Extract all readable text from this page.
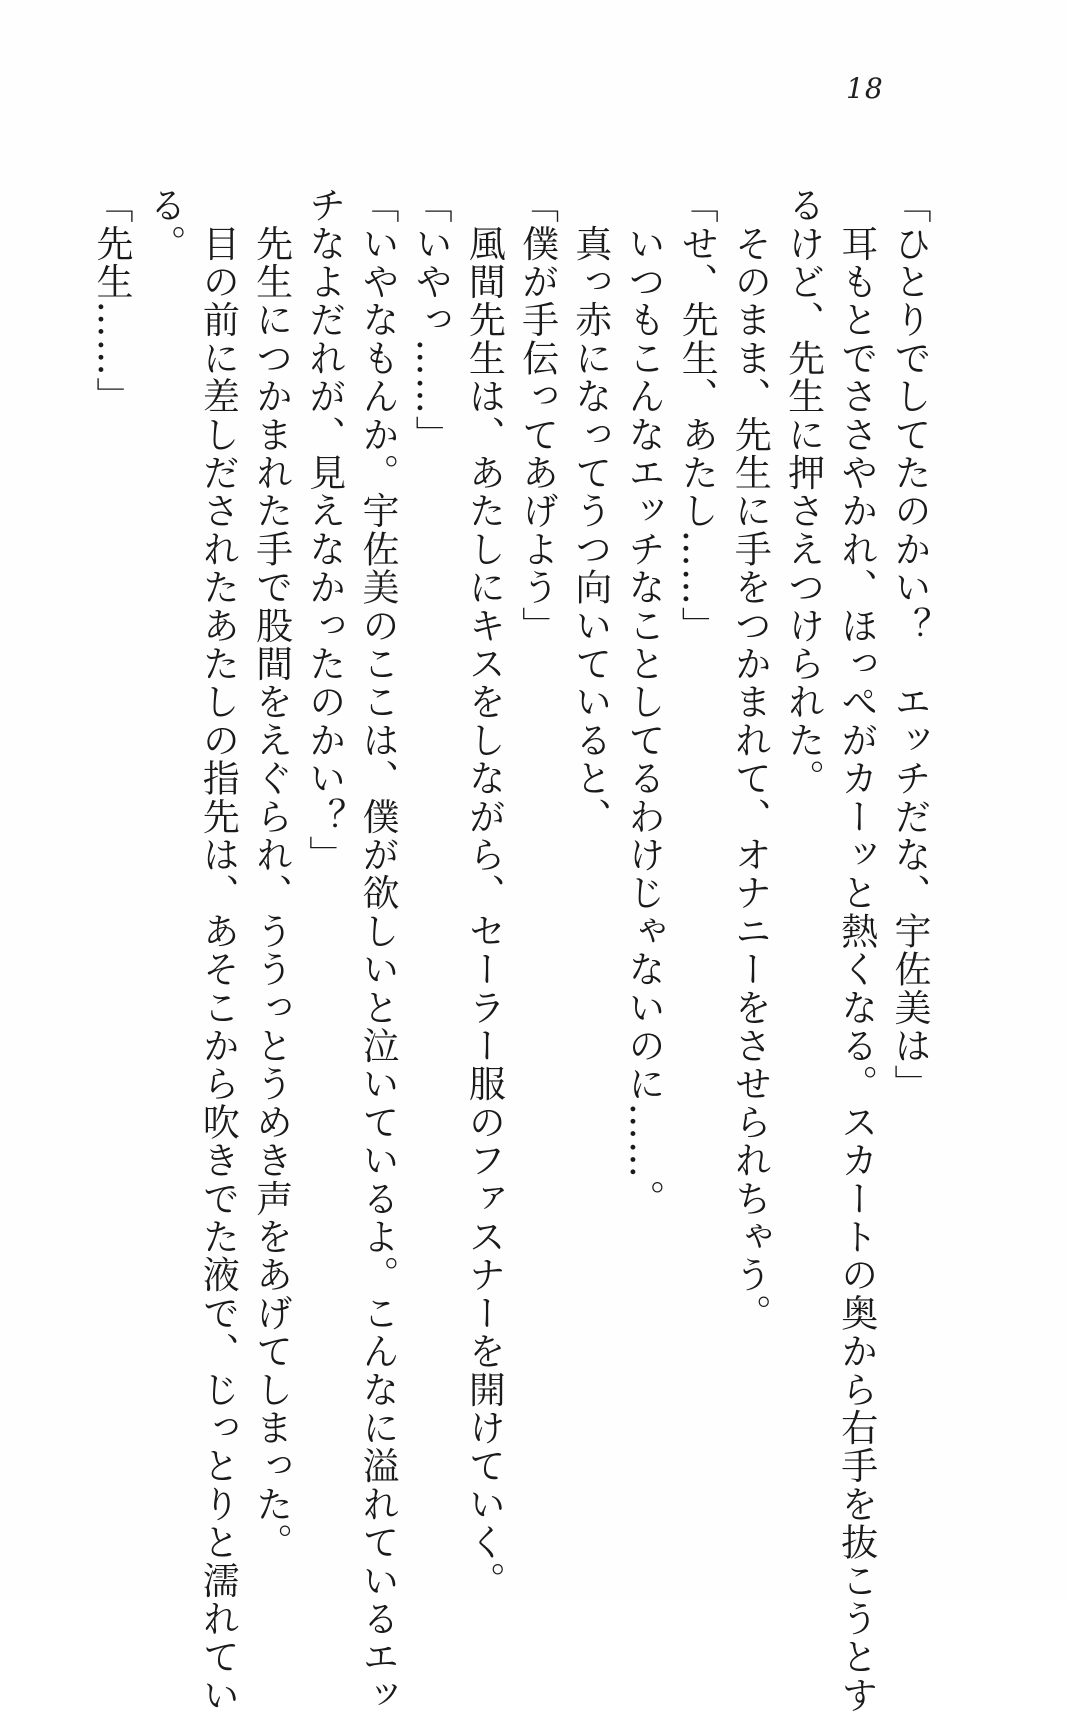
18
「ひとりでしてたのかい？　エッチだな、宇佐美は」
　耳もとでささやかれ、ほっぺがカーッと熱くなる。スカートの奥から右手を抜こうとす
るけど、先生に押さえつけられた。
　そのまま、先生に手をつかまれて、オナニーをさせられちゃう。
「せ、先生、あたし……」
　いつもこんなエッチなことしてるわけじゃないのに……。
　真っ赤になってうつ向いていると、
「僕が手伝ってあげよう」
　風間先生は、あたしにキスをしながら、セーラー服のファスナーを開けていく。
「いやっ……」
「いやなもんか。宇佐美のここは、僕が欲しいと泣いているよ。こんなに溢れているエッ
チなよだれが、見えなかったのかい？」
　先生につかまれた手で股間をえぐられ、ううっとうめき声をあげてしまった。
　目の前に差しだされたあたしの指先は、あそこから吹きでた液で、じっとりと濡れてい
る。
「先生……」
